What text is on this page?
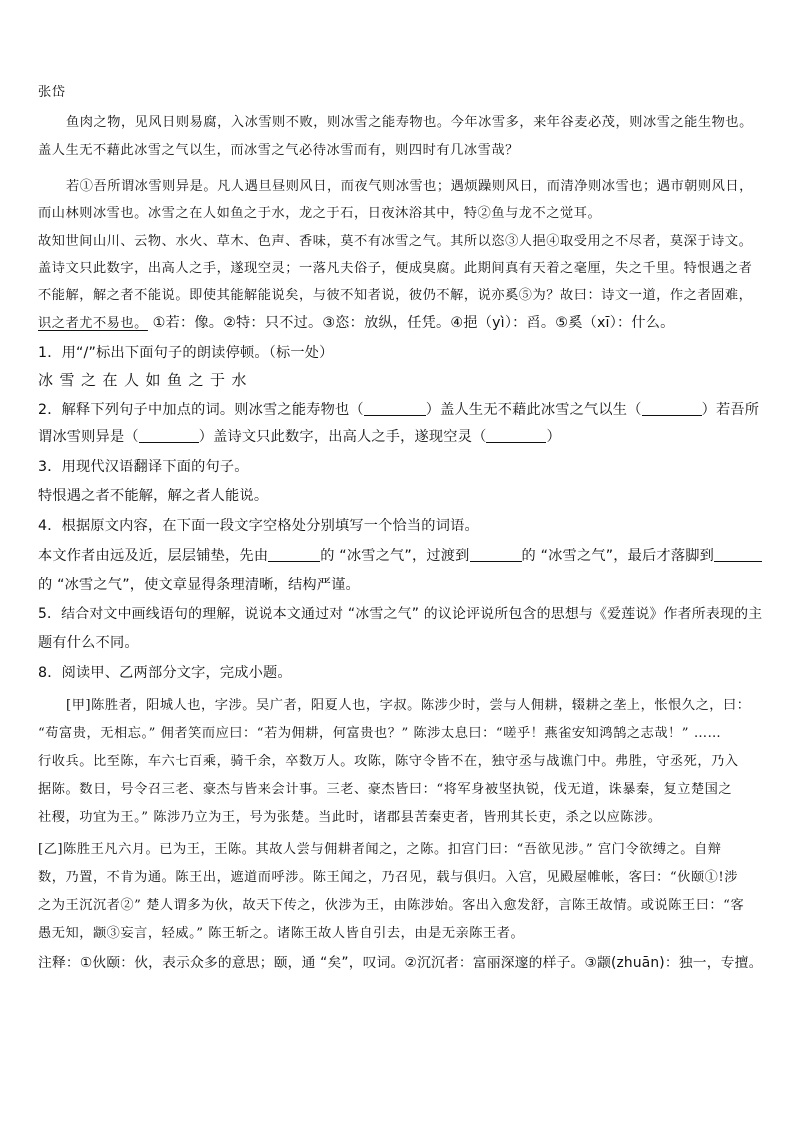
张岱
鱼肉之物，见风日则易腐，入冰雪则不败，则冰雪之能寿物也。今年冰雪多，来年谷麦必茂，则冰雪之能生物也。
盖人生无不藉此冰雪之气以生，而冰雪之气必待冰雪而有，则四时有几冰雪哉？
若①吾所谓冰雪则异是。凡人遇旦昼则风日，而夜气则冰雪也；遇烦躁则风日，而清净则冰雪也；遇市朝则风日，
而山林则冰雪也。冰雪之在人如鱼之于水，龙之于石，日夜沐浴其中，特②鱼与龙不之觉耳。
故知世间山川、云物、水火、草木、色声、香味，莫不有冰雪之气。其所以恣③人挹④取受用之不尽者，莫深于诗文。
盖诗文只此数字，出高人之手，遂现空灵；一落凡夫俗子，便成臭腐。此期间真有天着之毫厘，失之千里。特恨遇之者
不能解，解之者不能说。即使其能解能说矣，与彼不知者说，彼仍不解，说亦奚⑤为？故曰：诗文一道，作之者固难，
识之者尤不易也。 ①若：像。②特：只不过。③恣：放纵，任凭。④挹（yì）：舀。⑤奚（xī）：什么。
1．用“/”标出下面句子的朗读停顿。（标一处）
冰雪之在人如鱼之于水
2．解释下列句子中加点的词。则冰雪之能寿物也（	）盖人生无不藉此冰雪之气以生（	）若吾所
谓冰雪则异是（	）盖诗文只此数字，出高人之手，遂现空灵（	）
3．用现代汉语翻译下面的句子。
特恨遇之者不能解，解之者人能说。
4．根据原文内容，在下面一段文字空格处分别填写一个恰当的词语。
本文作者由远及近，层层铺垫，先由	的 “冰雪之气”，过渡到	的 “冰雪之气”，最后才落脚到
的 “冰雪之气”，使文章显得条理清晰，结构严谨。
5．结合对文中画线语句的理解，说说本文通过对 “冰雪之气” 的议论评说所包含的思想与《爱莲说》作者所表现的主
题有什么不同。
8．阅读甲、乙两部分文字，完成小题。
[甲]陈胜者，阳城人也，字涉。吴广者，阳夏人也，字叔。陈涉少时，尝与人佣耕，辍耕之垄上，怅恨久之，曰：
“苟富贵，无相忘。” 佣者笑而应曰：“若为佣耕，何富贵也？” 陈涉太息曰：“嗟乎！燕雀安知鸿鹄之志哉！” ……
行收兵。比至陈，车六七百乘，骑千余，卒数万人。攻陈，陈守令皆不在，独守丞与战谯门中。弗胜，守丞死，乃入
据陈。数日，号令召三老、豪杰与皆来会计事。三老、豪杰皆曰：“将军身被坚执锐，伐无道，诛暴秦，复立楚国之
社稷，功宜为王。” 陈涉乃立为王，号为张楚。当此时，诸郡县苦秦吏者，皆刑其长吏，杀之以应陈涉。
[乙]陈胜王凡六月。已为王，王陈。其故人尝与佣耕者闻之，之陈。扣宫门曰：“吾欲见涉。” 宫门令欲缚之。自辩
数，乃置，不肯为通。陈王出，遮道而呼涉。陈王闻之，乃召见，载与俱归。入宫，见殿屋帷帐，客曰：“伙颐①!涉
之为王沉沉者②” 楚人谓多为伙，故天下传之，伙涉为王，由陈涉始。客出入愈发舒，言陈王故情。或说陈王曰：“客
愚无知，颛③妄言，轻威。” 陈王斩之。诸陈王故人皆自引去，由是无亲陈王者。
注释：①伙颐：伙，表示众多的意思；颐，通 “矣”，叹词。②沉沉者：富丽深邃的样子。③颛(zhuān)：独一，专擅。
